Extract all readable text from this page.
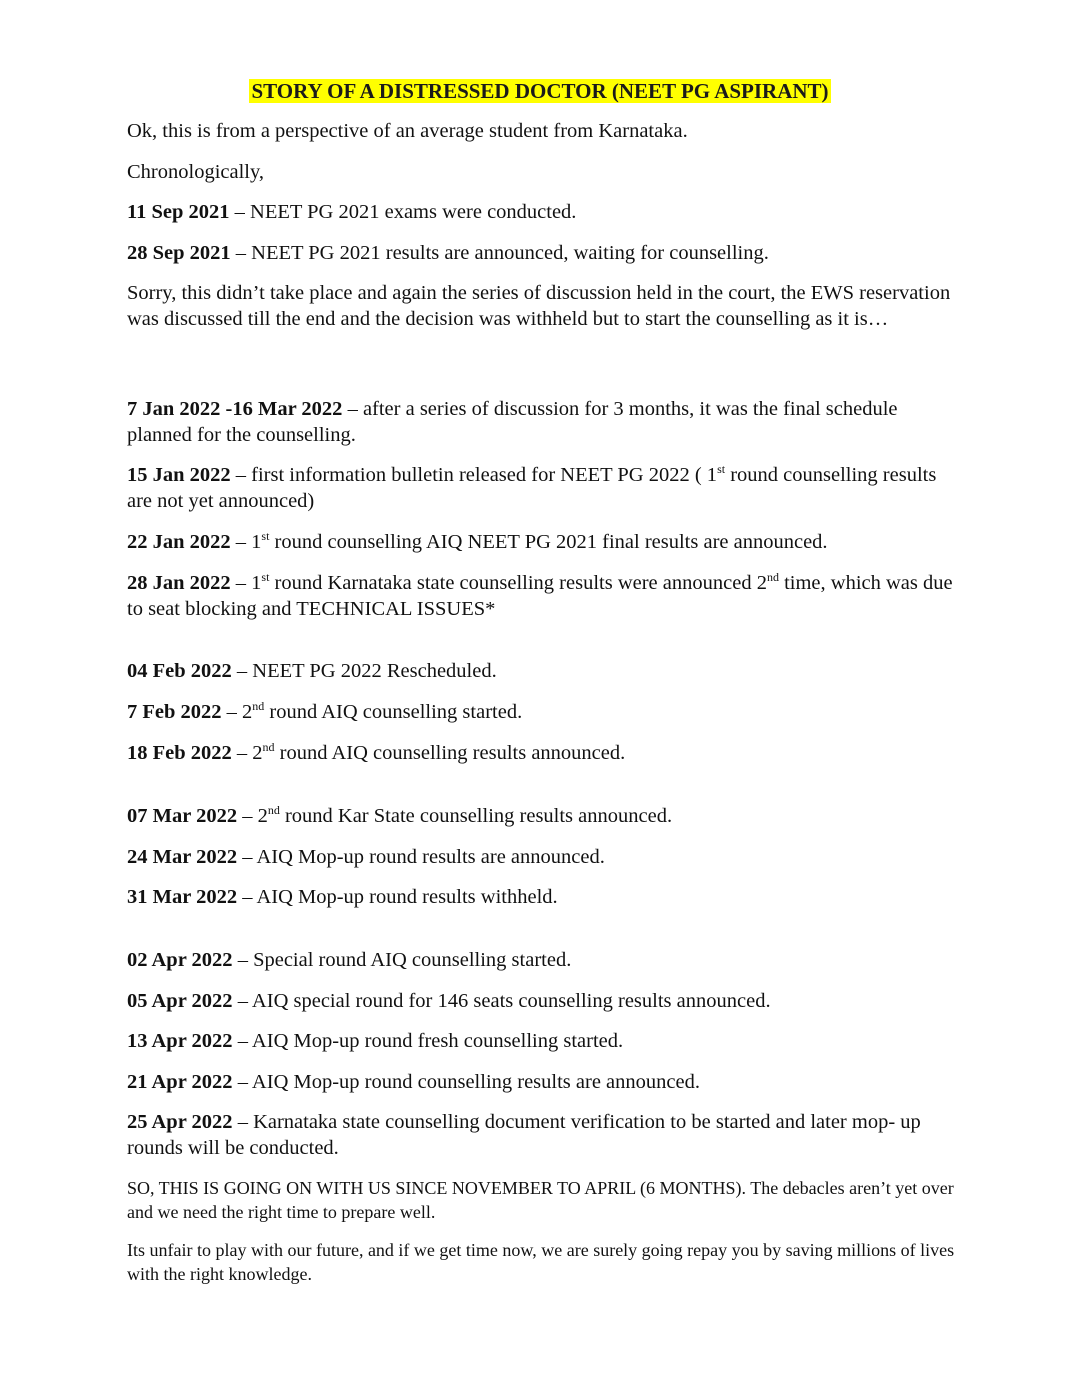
STORY OF A DISTRESSED DOCTOR (NEET PG ASPIRANT)

Ok, this is from a perspective of an average student from Karnataka.

Chronologically,

11 Sep 2021 – NEET PG 2021 exams were conducted.

28 Sep 2021 – NEET PG 2021 results are announced, waiting for counselling.

Sorry, this didn’t take place and again the series of discussion held in the court, the EWS reservation was discussed till the end and the decision was withheld but to start the counselling as it is…

7 Jan 2022 -16 Mar 2022 – after a series of discussion for 3 months, it was the final schedule planned for the counselling.

15 Jan 2022 – first information bulletin released for NEET PG 2022 ( 1st round counselling results are not yet announced)

22 Jan 2022 – 1st round counselling AIQ NEET PG 2021 final results are announced.

28 Jan 2022 – 1st round Karnataka state counselling results were announced 2nd time, which was due to seat blocking and TECHNICAL ISSUES*

04 Feb 2022 – NEET PG 2022 Rescheduled.

7 Feb 2022 – 2nd round AIQ counselling started.

18 Feb 2022 – 2nd round AIQ counselling results announced.

07 Mar 2022 – 2nd round Kar State counselling results announced.

24 Mar 2022 – AIQ Mop-up round results are announced.

31 Mar 2022 – AIQ Mop-up round results withheld.

02 Apr 2022 – Special round AIQ counselling started.

05 Apr 2022 – AIQ special round for 146 seats counselling results announced.

13 Apr 2022 – AIQ Mop-up round fresh counselling started.

21 Apr 2022 – AIQ Mop-up round counselling results are announced.

25 Apr 2022 – Karnataka state counselling document verification to be started and later mop- up rounds will be conducted.

SO, THIS IS GOING ON WITH US SINCE NOVEMBER TO APRIL (6 MONTHS). The debacles aren’t yet over and we need the right time to prepare well.

Its unfair to play with our future, and if we get time now, we are surely going repay you by saving millions of lives with the right knowledge.
